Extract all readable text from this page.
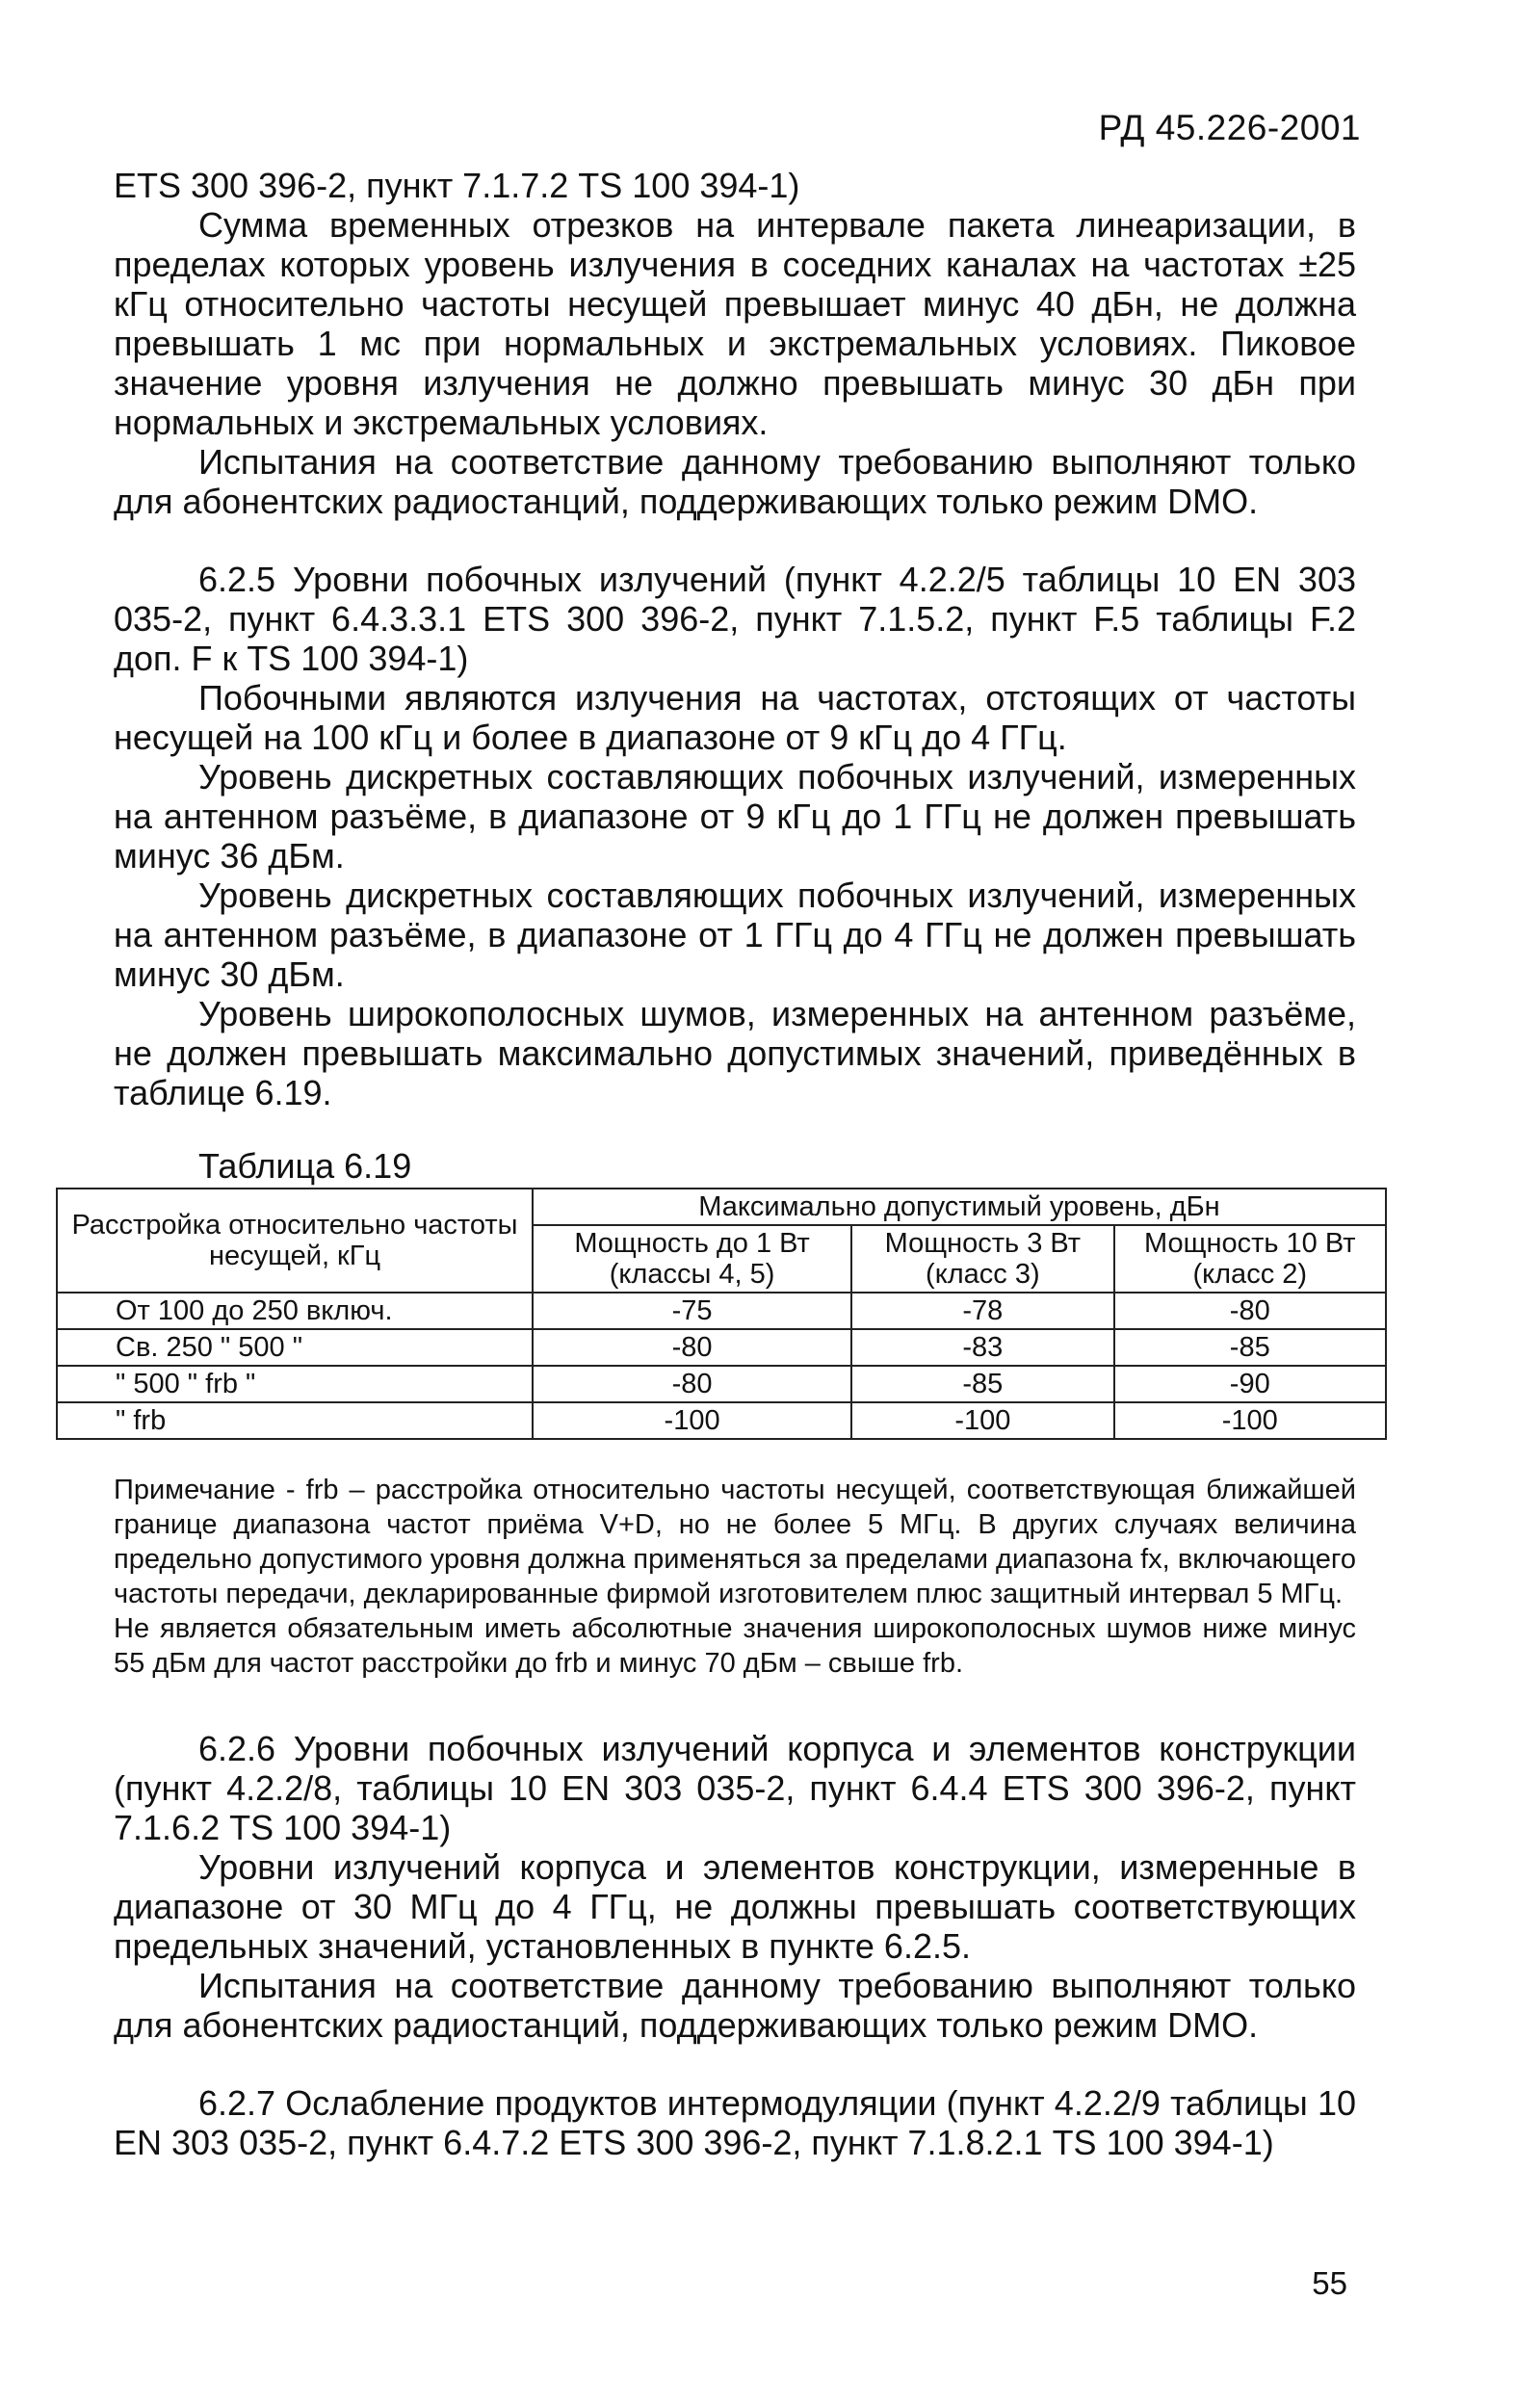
РД 45.226-2001

ETS 300 396-2, пункт 7.1.7.2 TS 100 394-1)

Сумма временных отрезков на интервале пакета линеаризации, в пределах которых уровень излучения в соседних каналах на частотах ±25 кГц относительно частоты несущей превышает минус 40 дБн, не должна превышать 1 мс при нормальных и экстремальных условиях. Пиковое значение уровня излучения не должно превышать минус 30 дБн при нормальных и экстремальных условиях.

Испытания на соответствие данному требованию выполняют только для абонентских радиостанций, поддерживающих только режим DMO.

6.2.5 Уровни побочных излучений (пункт 4.2.2/5 таблицы 10 EN 303 035-2, пункт 6.4.3.3.1 ETS 300 396-2, пункт 7.1.5.2, пункт F.5 таблицы F.2 доп. F к TS 100 394-1)

Побочными являются излучения на частотах, отстоящих от частоты несущей на 100 кГц и более в диапазоне от 9 кГц до 4 ГГц.

Уровень дискретных составляющих побочных излучений, измеренных на антенном разъёме, в диапазоне от 9 кГц до 1 ГГц не должен превышать минус 36 дБм.

Уровень дискретных составляющих побочных излучений, измеренных на антенном разъёме, в диапазоне от 1 ГГц до 4 ГГц не должен превышать минус 30 дБм.

Уровень широкополосных шумов, измеренных на антенном разъёме, не должен превышать максимально допустимых значений, приведённых в таблице 6.19.

Таблица 6.19
Расстройка относительно частоты несущей, кГц	Максимально допустимый уровень, дБн		
	Мощность до 1 Вт (классы 4, 5)	Мощность 3 Вт (класс 3)	Мощность 10 Вт (класс 2)
От 100 до 250 включ.	-75	-78	-80
Св. 250 " 500 "	-80	-83	-85
" 500 " frb "	-80	-85	-90
" frb	-100	-100	-100

Примечание - frb – расстройка относительно частоты несущей, соответствующая ближайшей границе диапазона частот приёма V+D, но не более 5 МГц. В других случаях величина предельно допустимого уровня должна применяться за пределами диапазона fx, включающего частоты передачи, декларированные фирмой изготовителем плюс защитный интервал 5 МГц.

Не является обязательным иметь абсолютные значения широкополосных шумов ниже минус 55 дБм для частот расстройки до frb и минус 70 дБм – свыше frb.

6.2.6 Уровни побочных излучений корпуса и элементов конструкции (пункт 4.2.2/8, таблицы 10 EN 303 035-2, пункт 6.4.4 ETS 300 396-2, пункт 7.1.6.2 TS 100 394-1)

Уровни излучений корпуса и элементов конструкции, измеренные в диапазоне от 30 МГц до 4 ГГц, не должны превышать соответствующих предельных значений, установленных в пункте 6.2.5.

Испытания на соответствие данному требованию выполняют только для абонентских радиостанций, поддерживающих только режим DMO.

6.2.7 Ослабление продуктов интермодуляции (пункт 4.2.2/9 таблицы 10 EN 303 035-2, пункт 6.4.7.2 ETS 300 396-2, пункт 7.1.8.2.1 TS 100 394-1)

55
